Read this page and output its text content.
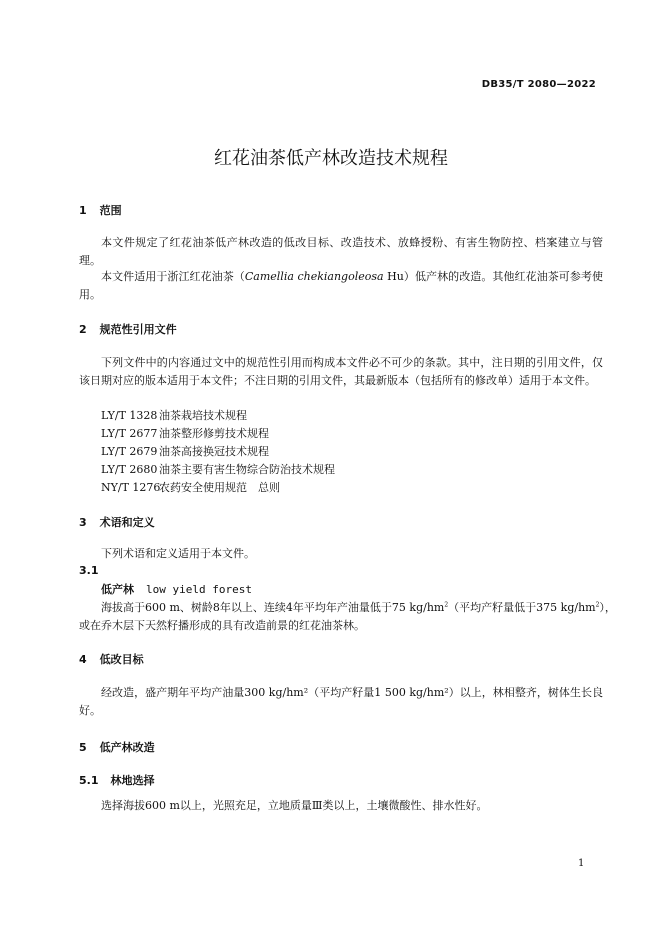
DB35/T 2080—2022
红花油茶低产林改造技术规程
1 范围
本文件规定了红花油茶低产林改造的低改目标、改造技术、放蜂授粉、有害生物防控、档案建立与管理。
本文件适用于浙江红花油茶（Camellia chekiangoleosa Hu）低产林的改造。其他红花油茶可参考使用。
2 规范性引用文件
下列文件中的内容通过文中的规范性引用而构成本文件必不可少的条款。其中，注日期的引用文件，仅该日期对应的版本适用于本文件；不注日期的引用文件，其最新版本（包括所有的修改单）适用于本文件。
LY/T 1328 油茶栽培技术规程
LY/T 2677 油茶整形修剪技术规程
LY/T 2679 油茶高接换冠技术规程
LY/T 2680 油茶主要有害生物综合防治技术规程
NY/T 1276农药安全使用规范　总则
3 术语和定义
下列术语和定义适用于本文件。
3.1
低产林 low yield forest
海拔高于600 m、树龄8年以上、连续4年平均年产油量低于75 $kg/hm^2$（平均产籽量低于375 $kg/hm^2$），
或在乔木层下天然籽播形成的具有改造前景的红花油茶林。
4 低改目标
经改造，盛产期年平均产油量300 kg/hm²（平均产籽量1 500 kg/hm²）以上，林相整齐，树体生长良好。
5 低产林改造
5.1 林地选择
选择海拔600 m以上，光照充足，立地质量Ⅲ类以上，土壤微酸性、排水性好。
1
